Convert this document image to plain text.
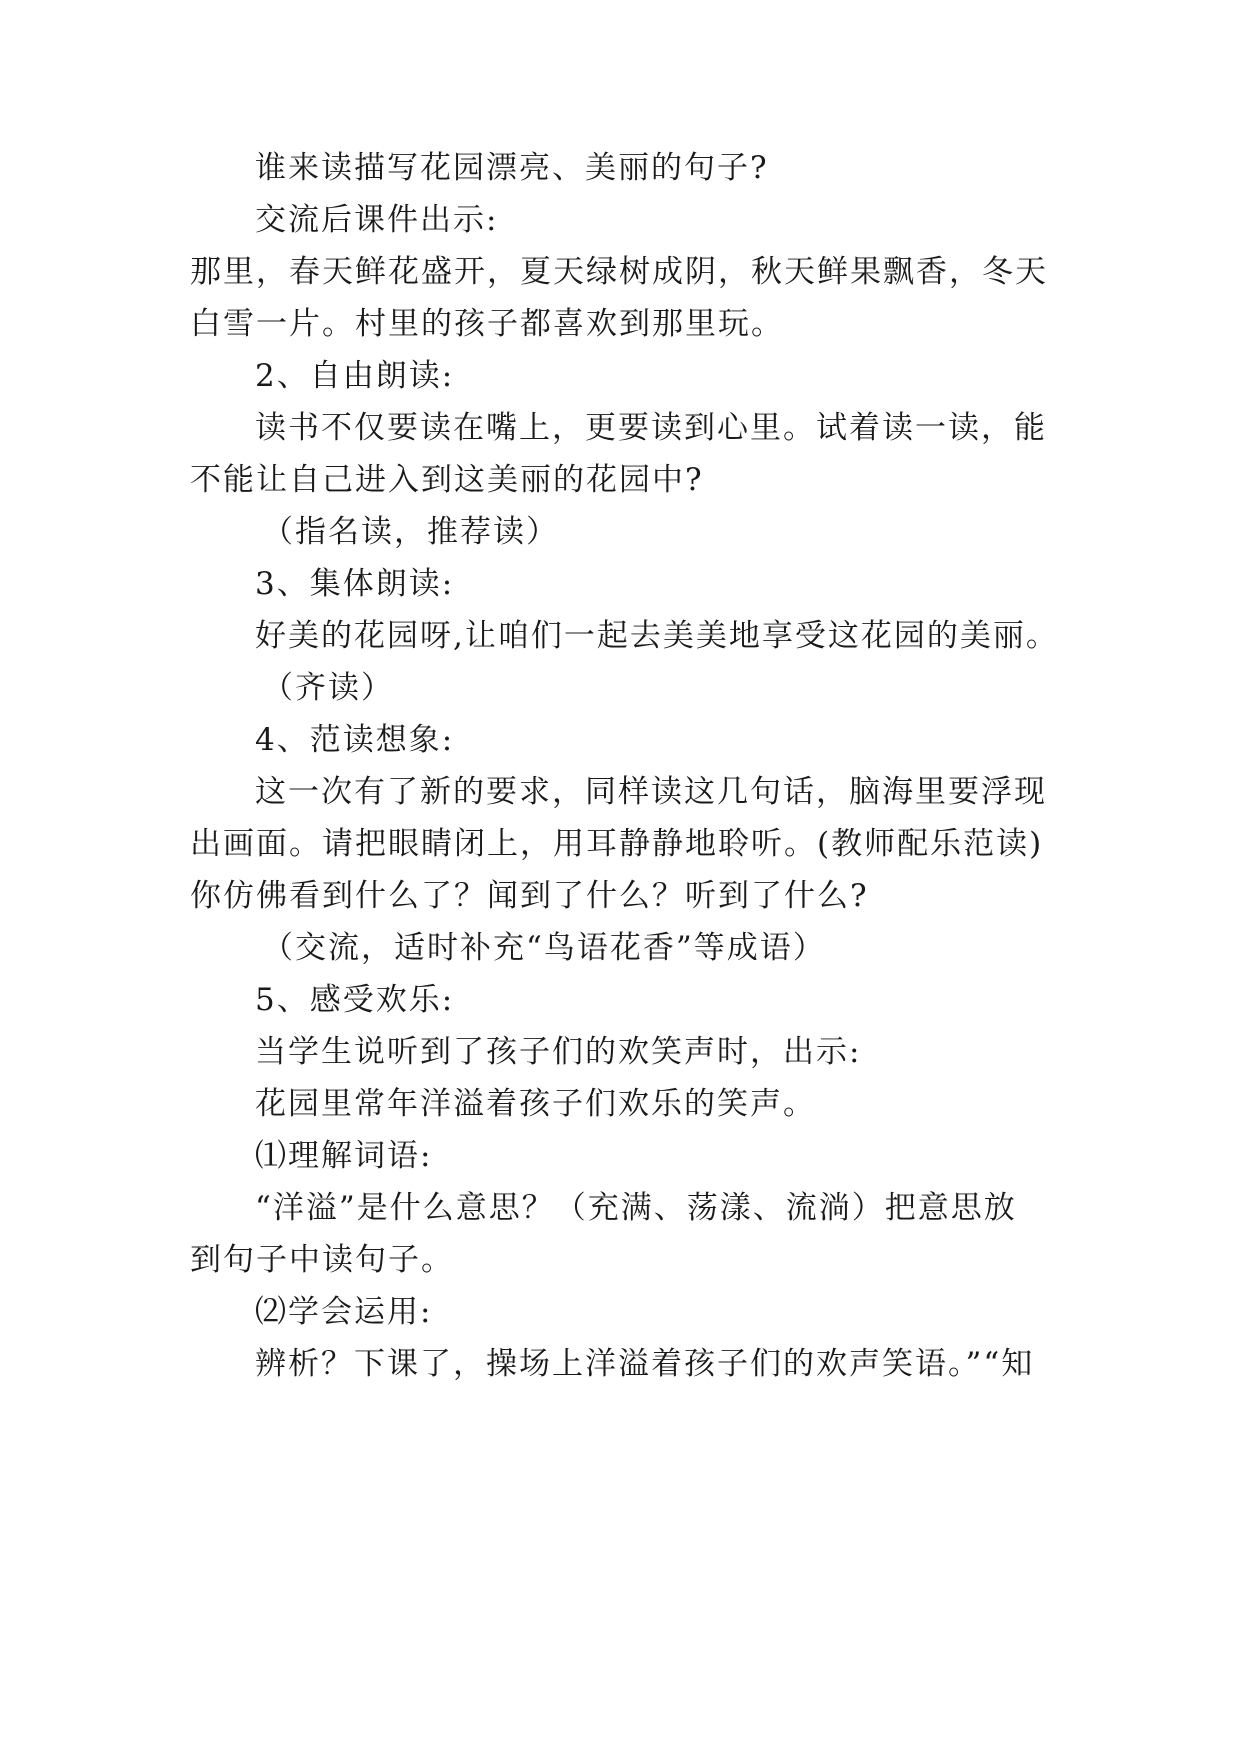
谁来读描写花园漂亮、美丽的句子?
交流后课件出示:
那里，春天鲜花盛开，夏天绿树成阴，秋天鲜果飘香，冬天
白雪一片。村里的孩子都喜欢到那里玩。
2、自由朗读:
读书不仅要读在嘴上，更要读到心里。试着读一读，能
不能让自己进入到这美丽的花园中?
（指名读，推荐读）
3、集体朗读:
好美的花园呀,让咱们一起去美美地享受这花园的美丽。
（齐读）
4、范读想象:
这一次有了新的要求，同样读这几句话，脑海里要浮现
出画面。请把眼睛闭上，用耳静静地聆听。(教师配乐范读)
你仿佛看到什么了？闻到了什么？听到了什么?
（交流，适时补充“鸟语花香”等成语）
5、感受欢乐:
当学生说听到了孩子们的欢笑声时，出示:
花园里常年洋溢着孩子们欢乐的笑声。
⑴理解词语:
“洋溢”是什么意思？（充满、荡漾、流淌）把意思放
到句子中读句子。
⑵学会运用:
辨析？下课了，操场上洋溢着孩子们的欢声笑语。”“知
